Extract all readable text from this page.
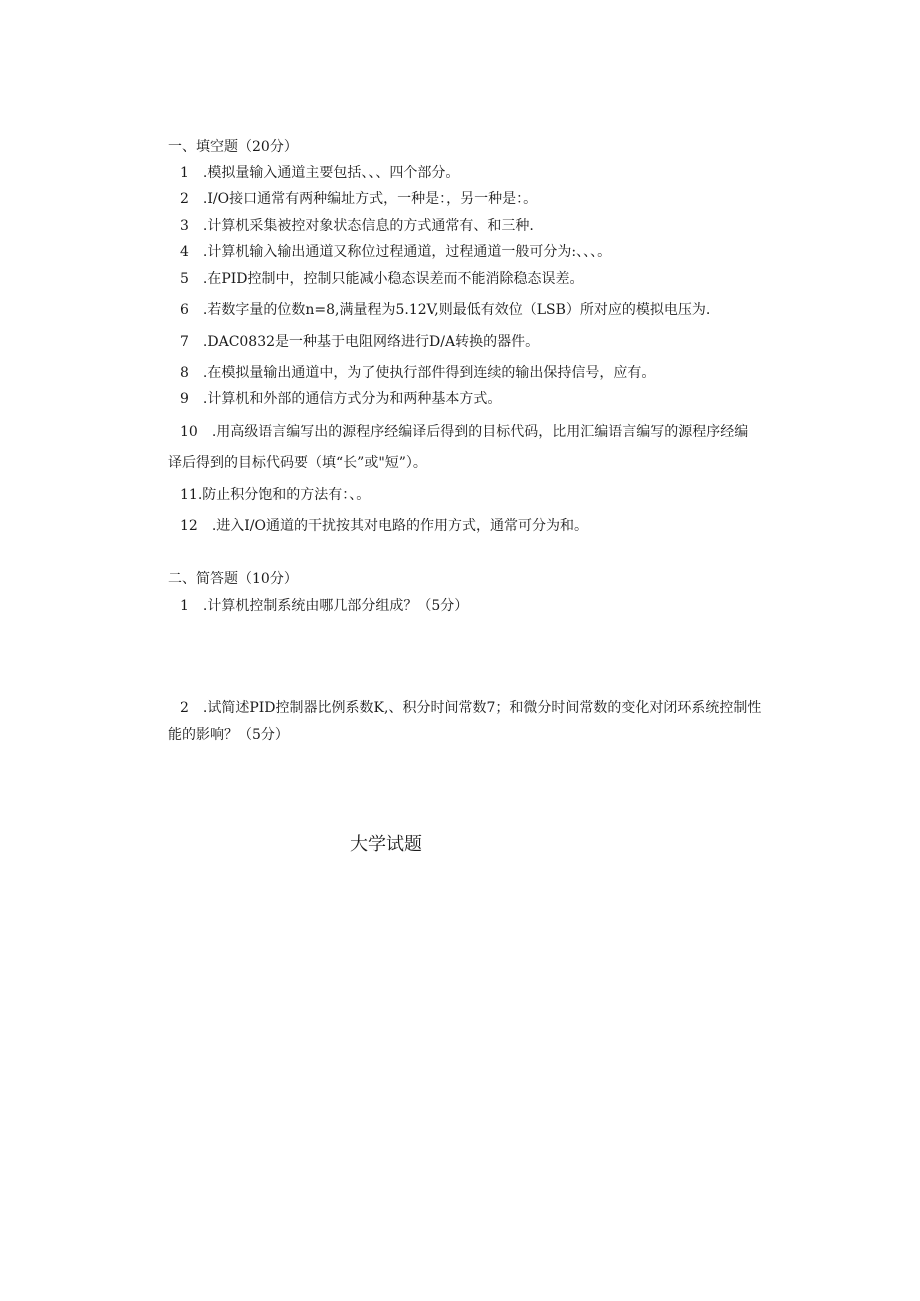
一、填空题（20分）
1 .模拟量输入通道主要包括、、、四个部分。
2 .I/O接口通常有两种编址方式，一种是：，另一种是：。
3 .计算机采集被控对象状态信息的方式通常有、和三种.
4 .计算机输入输出通道又称位过程通道，过程通道一般可分为:、、、。
5 .在PID控制中，控制只能减小稳态误差而不能消除稳态误差。
6 .若数字量的位数n=8,满量程为5.12V,则最低有效位（LSB）所对应的模拟电压为.
7 .DAC0832是一种基于电阻网络进行D/A转换的器件。
8 .在模拟量输出通道中，为了使执行部件得到连续的输出保持信号，应有。
9 .计算机和外部的通信方式分为和两种基本方式。
10 .用高级语言编写出的源程序经编译后得到的目标代码，比用汇编语言编写的源程序经编
译后得到的目标代码要（填“长”或"短”）。
11.防止积分饱和的方法有：、。
12 .进入I/O通道的干扰按其对电路的作用方式，通常可分为和。
二、简答题（10分）
1 .计算机控制系统由哪几部分组成？（5分）
2 .试简述PID控制器比例系数K,、积分时间常数7；和微分时间常数的变化对闭环系统控制性
能的影响？（5分）
大学试题
